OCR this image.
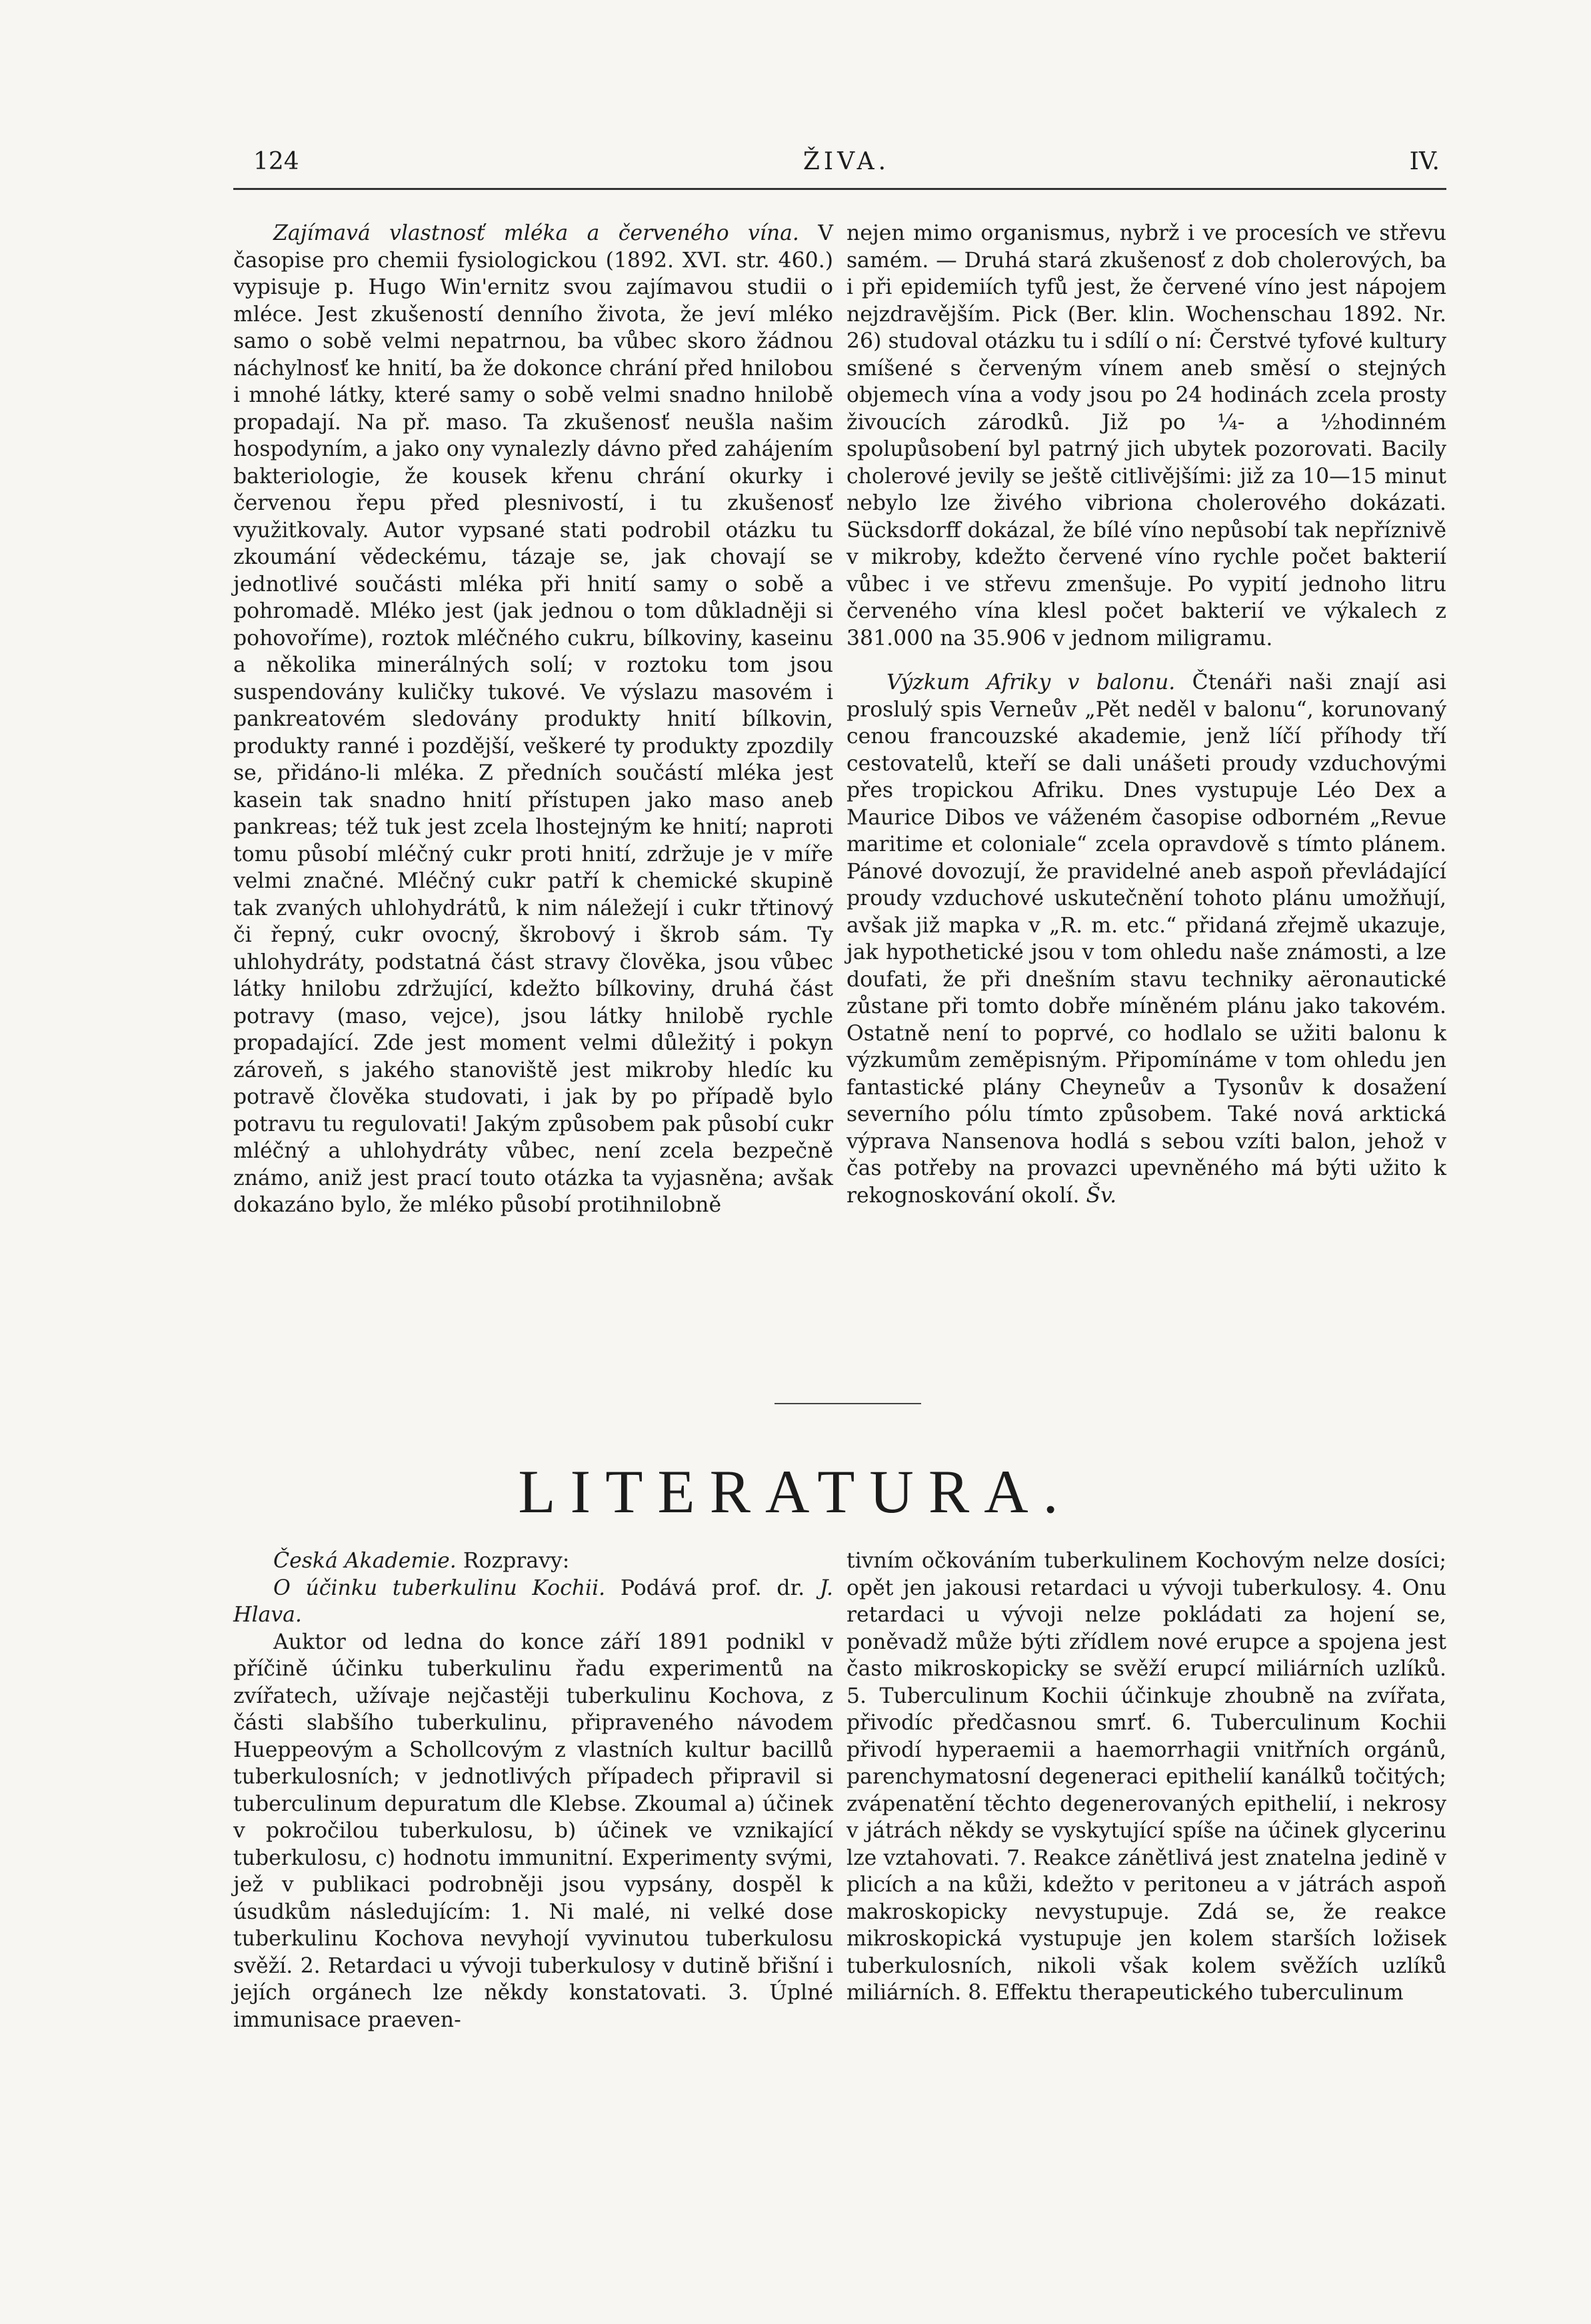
124	ŽIVA.	IV.

Zajímavá vlastnosť mléka a červeného vína. V časopise pro chemii fysiologickou (1892. XVI. str. 460.) vypisuje p. Hugo Win'ernitz svou zajímavou studii o mléce. Jest zkušeností denního života, že jeví mléko samo o sobě velmi nepatrnou, ba vůbec skoro žádnou náchylnosť ke hnití, ba že dokonce chrání před hnilobou i mnohé látky, které samy o sobě velmi snadno hnilobě propadají. Na př. maso. Ta zkušenosť neušla našim hospodyním, a jako ony vynalezly dávno před zahájením bakteriologie, že kousek křenu chrání okurky i červenou řepu před plesnivostí, i tu zkušenosť využitkovaly. Autor vypsané stati podrobil otázku tu zkoumání vědeckému, tázaje se, jak chovají se jednotlivé součásti mléka při hnití samy o sobě a pohromadě. Mléko jest (jak jednou o tom důkladněji si pohovoříme), roztok mléčného cukru, bílkoviny, kaseinu a několika minerálných solí; v roztoku tom jsou suspendovány kuličky tukové. Ve výslazu masovém i pankreatovém sledovány produkty hnití bílkovin, produkty ranné i pozdější, veškeré ty produkty zpozdily se, přidáno-li mléka. Z předních součástí mléka jest kasein tak snadno hnití přístupen jako maso aneb pankreas; též tuk jest zcela lhostejným ke hnití; naproti tomu působí mléčný cukr proti hnití, zdržuje je v míře velmi značné. Mléčný cukr patří k chemické skupině tak zvaných uhlohydrátů, k nim náležejí i cukr třtinový či řepný, cukr ovocný, škrobový i škrob sám. Ty uhlohydráty, podstatná část stravy člověka, jsou vůbec látky hnilobu zdržující, kdežto bílkoviny, druhá část potravy (maso, vejce), jsou látky hnilobě rychle propadající. Zde jest moment velmi důležitý i pokyn zároveň, s jakého stanoviště jest mikroby hledíc ku potravě člověka studovati, i jak by po případě bylo potravu tu regulovati! Jakým způsobem pak působí cukr mléčný a uhlohydráty vůbec, není zcela bezpečně známo, aniž jest prací touto otázka ta vyjasněna; avšak dokazáno bylo, že mléko působí protihnilobně

nejen mimo organismus, nybrž i ve procesích ve střevu samém. — Druhá stará zkušenosť z dob cholerových, ba i při epidemiích tyfů jest, že červené víno jest nápojem nejzdravějším. Pick (Ber. klin. Wochenschau 1892. Nr. 26) studoval otázku tu i sdílí o ní: Čerstvé tyfové kultury smíšené s červeným vínem aneb směsí o stejných objemech vína a vody jsou po 24 hodinách zcela prosty živoucích zárodků. Již po ¼- a ½hodinném spolupůsobení byl patrný jich ubytek pozorovati. Bacily cholerové jevily se ještě citlivějšími: již za 10—15 minut nebylo lze živého vibriona cholerového dokázati. Sücksdorff dokázal, že bílé víno nepůsobí tak nepříznivě v mikroby, kdežto červené víno rychle počet bakterií vůbec i ve střevu zmenšuje. Po vypití jednoho litru červeného vína klesl počet bakterií ve výkalech z 381.000 na 35.906 v jednom miligramu.

Výzkum Afriky v balonu. Čtenáři naši znají asi proslulý spis Verneův „Pět neděl v balonu“, korunovaný cenou francouzské akademie, jenž líčí příhody tří cestovatelů, kteří se dali unášeti proudy vzduchovými přes tropickou Afriku. Dnes vystupuje Léo Dex a Maurice Dibos ve váženém časopise odborném „Revue maritime et coloniale“ zcela opravdově s tímto plánem. Pánové dovozují, že pravidelné aneb aspoň převládající proudy vzduchové uskutečnění tohoto plánu umožňují, avšak již mapka v „R. m. etc.“ přidaná zřejmě ukazuje, jak hypothetické jsou v tom ohledu naše známosti, a lze doufati, že při dnešním stavu techniky aëronautické zůstane při tomto dobře míněném plánu jako takovém. Ostatně není to poprvé, co hodlalo se užiti balonu k výzkumům zeměpisným. Připomínáme v tom ohledu jen fantastické plány Cheyneův a Tysonův k dosažení severního pólu tímto způsobem. Také nová arktická výprava Nansenova hodlá s sebou vzíti balon, jehož v čas potřeby na provazci upevněného má býti užito k rekognoskování okolí. Šv.

LITERATURA.

Česká Akademie. Rozpravy:

O účinku tuberkulinu Kochii. Podává prof. dr. J. Hlava.

Auktor od ledna do konce září 1891 podnikl v příčině účinku tuberkulinu řadu experimentů na zvířatech, užívaje nejčastěji tuberkulinu Kochova, z části slabšího tuberkulinu, připraveného návodem Hueppeovým a Schollcovým z vlastních kultur bacillů tuberkulosních; v jednotlivých případech připravil si tuberculinum depuratum dle Klebse. Zkoumal a) účinek v pokročilou tuberkulosu, b) účinek ve vznikající tuberkulosu, c) hodnotu immunitní. Experimenty svými, jež v publikaci podrobněji jsou vypsány, dospěl k úsudkům následujícím: 1. Ni malé, ni velké dose tuberkulinu Kochova nevyhojí vyvinutou tuberkulosu svěží. 2. Retardaci u vývoji tuberkulosy v dutině břišní i jejích orgánech lze někdy konstatovati. 3. Úplné immunisace praeven-

tivním očkováním tuberkulinem Kochovým nelze dosíci; opět jen jakousi retardaci u vývoji tuberkulosy. 4. Onu retardaci u vývoji nelze pokládati za hojení se, poněvadž může býti zřídlem nové erupce a spojena jest často mikroskopicky se svěží erupcí miliárních uzlíků. 5. Tuberculinum Kochii účinkuje zhoubně na zvířata, přivodíc předčasnou smrť. 6. Tuberculinum Kochii přivodí hyperaemii a haemorrhagii vnitřních orgánů, parenchymatosní degeneraci epithelií kanálků točitých; zvápenatění těchto degenerovaných epithelií, i nekrosy v játrách někdy se vyskytující spíše na účinek glycerinu lze vztahovati. 7. Reakce zánětlivá jest znatelna jedině v plicích a na kůži, kdežto v peritoneu a v játrách aspoň makroskopicky nevystupuje. Zdá se, že reakce mikroskopická vystupuje jen kolem starších ložisek tuberkulosních, nikoli však kolem svěžích uzlíků miliárních. 8. Effektu therapeutického tuberculinum
